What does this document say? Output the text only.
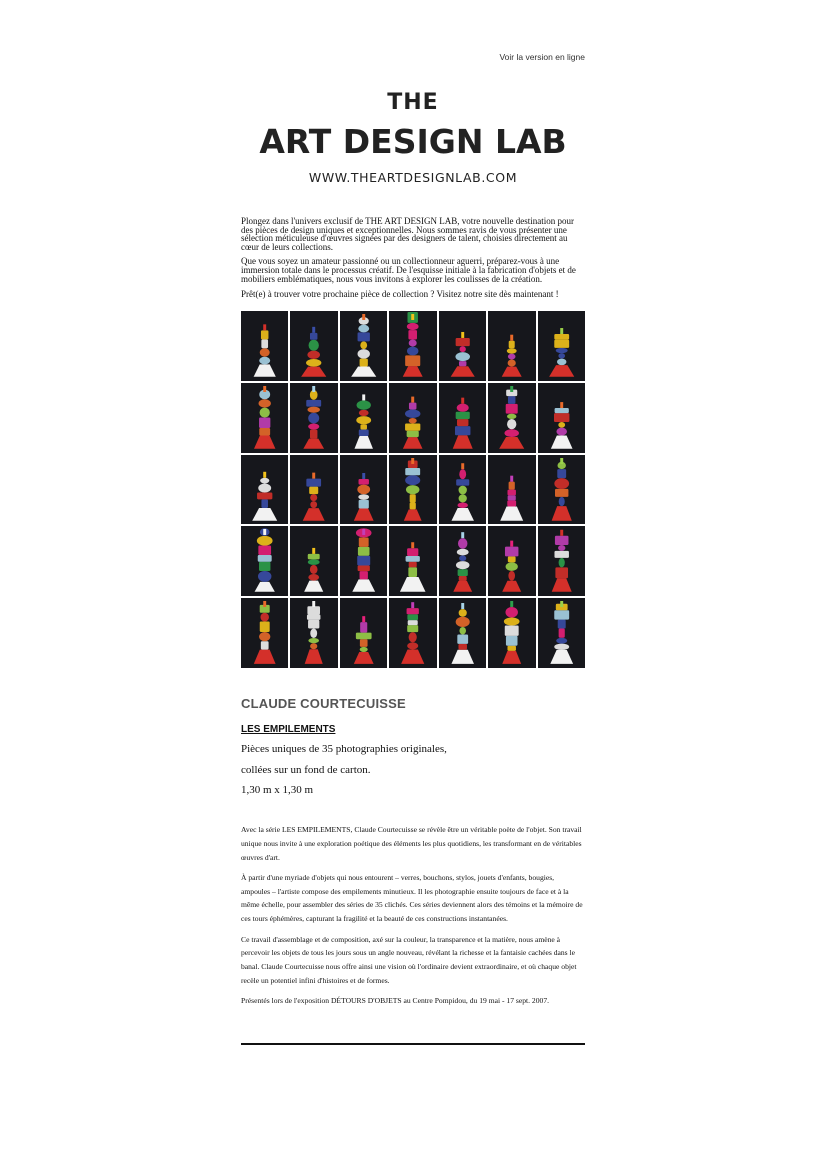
Voir la version en ligne
THE
ART DESIGN LAB
WWW.THEARTDESIGNLAB.COM

Plongez dans l'univers exclusif de THE ART DESIGN LAB, votre nouvelle destination pour des pièces de design uniques et exceptionnelles. Nous sommes ravis de vous présenter une sélection méticuleuse d'œuvres signées par des designers de talent, choisies directement au cœur de leurs collections.

Que vous soyez un amateur passionné ou un collectionneur aguerri, préparez-vous à une immersion totale dans le processus créatif. De l'esquisse initiale à la fabrication d'objets et de mobiliers emblématiques, nous vous invitons à explorer les coulisses de la création.

Prêt(e) à trouver votre prochaine pièce de collection ? Visitez notre site dès maintenant !

CLAUDE COURTECUISSE
LES EMPILEMENTS
Pièces uniques de 35 photographies originales,
collées sur un fond de carton.
1,30 m x 1,30 m

Avec la série LES EMPILEMENTS, Claude Courtecuisse se révèle être un véritable poète de l'objet. Son travail unique nous invite à une exploration poétique des éléments les plus quotidiens, les transformant en de véritables œuvres d'art.

À partir d'une myriade d'objets qui nous entourent – verres, bouchons, stylos, jouets d'enfants, bougies, ampoules – l'artiste compose des empilements minutieux. Il les photographie ensuite toujours de face et à la même échelle, pour assembler des séries de 35 clichés. Ces séries deviennent alors des témoins et la mémoire de ces tours éphémères, capturant la fragilité et la beauté de ces constructions instantanées.

Ce travail d'assemblage et de composition, axé sur la couleur, la transparence et la matière, nous amène à percevoir les objets de tous les jours sous un angle nouveau, révélant la richesse et la fantaisie cachées dans le banal. Claude Courtecuisse nous offre ainsi une vision où l'ordinaire devient extraordinaire, et où chaque objet recèle un potentiel infini d'histoires et de formes.

Présentés lors de l'exposition DÉTOURS D'OBJETS au Centre Pompidou, du 19 mai - 17 sept. 2007.
